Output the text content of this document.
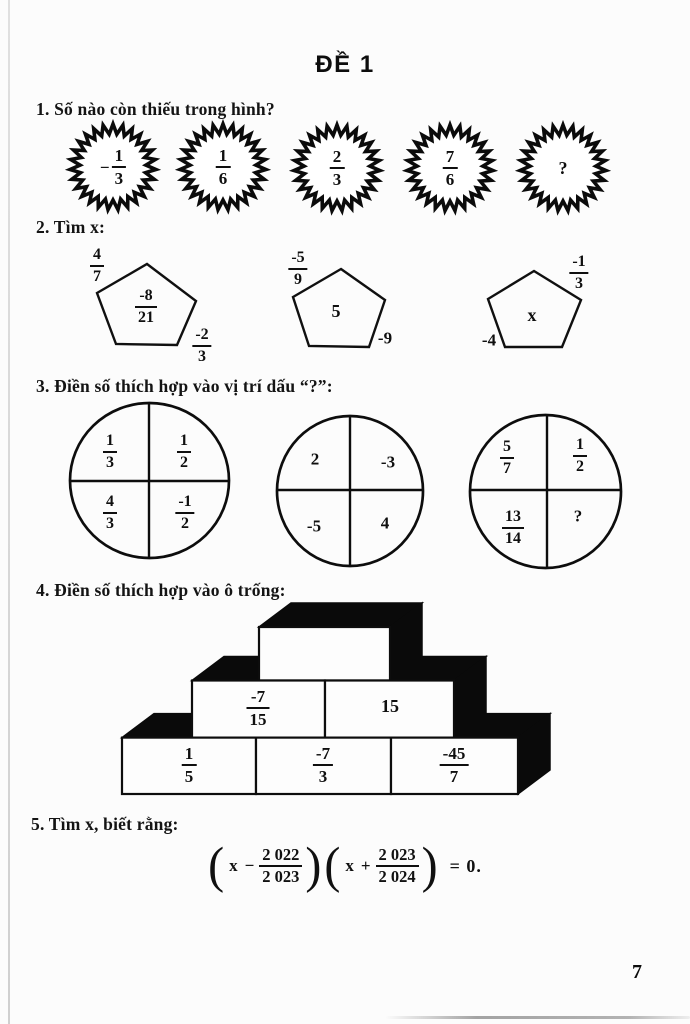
ĐỀ 1
1. Số nào còn thiếu trong hình?
− $\frac{1}{3}$	$\frac{1}{6}$	$\frac{2}{3}$	$\frac{7}{6}$	?
2. Tìm x:
$\frac{4}{7}$
$\frac{-8}{21}$
$\frac{-2}{3}$
$\frac{-5}{9}$
5
-9
$\frac{-1}{3}$
x
-4
3. Điền số thích hợp vào vị trí dấu “?”:
$\frac{1}{3}$	$\frac{1}{2}$
$\frac{4}{3}$	$\frac{-1}{2}$
2	-3
-5	4
$\frac{5}{7}$	$\frac{1}{2}$
$\frac{13}{14}$	?
4. Điền số thích hợp vào ô trống:
$\frac{-7}{15}$	15
$\frac{1}{5}$	$\frac{-7}{3}$	$\frac{-45}{7}$
5. Tìm x, biết rằng:
( $x - \frac{2 022}{2 023}$ ) ( $x + \frac{2 023}{2 024}$ ) = 0.
7
